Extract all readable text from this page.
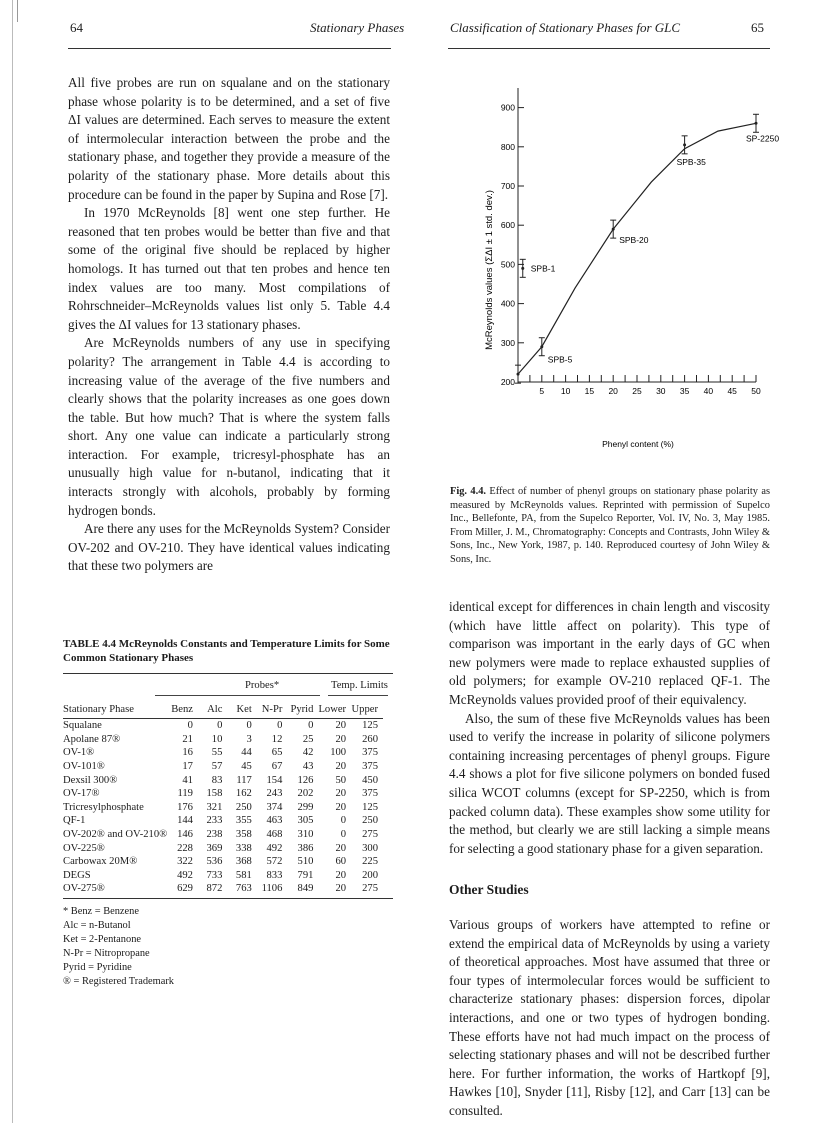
64	Stationary Phases	Classification of Stationary Phases for GLC	65

All five probes are run on squalane and on the stationary phase whose polarity is to be determined, and a set of five ΔI values are determined. Each serves to measure the extent of intermolecular interaction between the probe and the stationary phase, and together they provide a measure of the polarity of the stationary phase. More details about this procedure can be found in the paper by Supina and Rose [7].

In 1970 McReynolds [8] went one step further. He reasoned that ten probes would be better than five and that some of the original five should be replaced by higher homologs. It has turned out that ten probes and hence ten index values are too many. Most compilations of Rohrschneider–McReynolds values list only 5. Table 4.4 gives the ΔI values for 13 stationary phases.

Are McReynolds numbers of any use in specifying polarity? The arrangement in Table 4.4 is according to increasing value of the average of the five numbers and clearly shows that the polarity increases as one goes down the table. But how much? That is where the system falls short. Any one value can indicate a particularly strong interaction. For example, tricresyl-phosphate has an unusually high value for n-butanol, indicating that it interacts strongly with alcohols, probably by forming hydrogen bonds.

Are there any uses for the McReynolds System? Consider OV-202 and OV-210. They have identical values indicating that these two polymers are

TABLE 4.4 McReynolds Constants and Temperature Limits for Some Common Stationary Phases
Probes*	Temp. Limits
Stationary Phase	Benz	Alc	Ket	N-Pr	Pyrid	Lower	Upper
Squalane	0	0	0	0	0	20	125
Apolane 87®	21	10	3	12	25	20	260
OV-1®	16	55	44	65	42	100	375
OV-101®	17	57	45	67	43	20	375
Dexsil 300®	41	83	117	154	126	50	450
OV-17®	119	158	162	243	202	20	375
Tricresylphosphate	176	321	250	374	299	20	125
QF-1	144	233	355	463	305	0	250
OV-202® and OV-210®	146	238	358	468	310	0	275
OV-225®	228	369	338	492	386	20	300
Carbowax 20M®	322	536	368	572	510	60	225
DEGS	492	733	581	833	791	20	200
OV-275®	629	872	763	1106	849	20	275
* Benz = Benzene
Alc = n-Butanol
Ket = 2-Pentanone
N-Pr = Nitropropane
Pyrid = Pyridine
® = Registered Trademark
McReynolds values (ΣΔI ± 1 std. dev.)
200
300
400
500
600
700
800
900
5 10 15 20 25 30 35 40 45 50
SPB-5
SPB-1
SPB-20
SPB-35
SP-2250
Phenyl content (%)
Fig. 4.4. Effect of number of phenyl groups on stationary phase polarity as measured by McReynolds values. Reprinted with permission of Supelco Inc., Bellefonte, PA, from the Supelco Reporter, Vol. IV, No. 3, May 1985. From Miller, J. M., Chromatography: Concepts and Contrasts, John Wiley & Sons, Inc., New York, 1987, p. 140. Reproduced courtesy of John Wiley & Sons, Inc.

identical except for differences in chain length and viscosity (which have little affect on polarity). This type of comparison was important in the early days of GC when new polymers were made to replace exhausted supplies of old polymers; for example OV-210 replaced QF-1. The McReynolds values provided proof of their equivalency.

Also, the sum of these five McReynolds values has been used to verify the increase in polarity of silicone polymers containing increasing percentages of phenyl groups. Figure 4.4 shows a plot for five silicone polymers on bonded fused silica WCOT columns (except for SP-2250, which is from packed column data). These examples show some utility for the method, but clearly we are still lacking a simple means for selecting a good stationary phase for a given separation.

Other Studies

Various groups of workers have attempted to refine or extend the empirical data of McReynolds by using a variety of theoretical approaches. Most have assumed that three or four types of intermolecular forces would be sufficient to characterize stationary phases: dispersion forces, dipolar interactions, and one or two types of hydrogen bonding. These efforts have not had much impact on the process of selecting stationary phases and will not be described further here. For further information, the works of Hartkopf [9], Hawkes [10], Snyder [11], Risby [12], and Carr [13] can be consulted.
